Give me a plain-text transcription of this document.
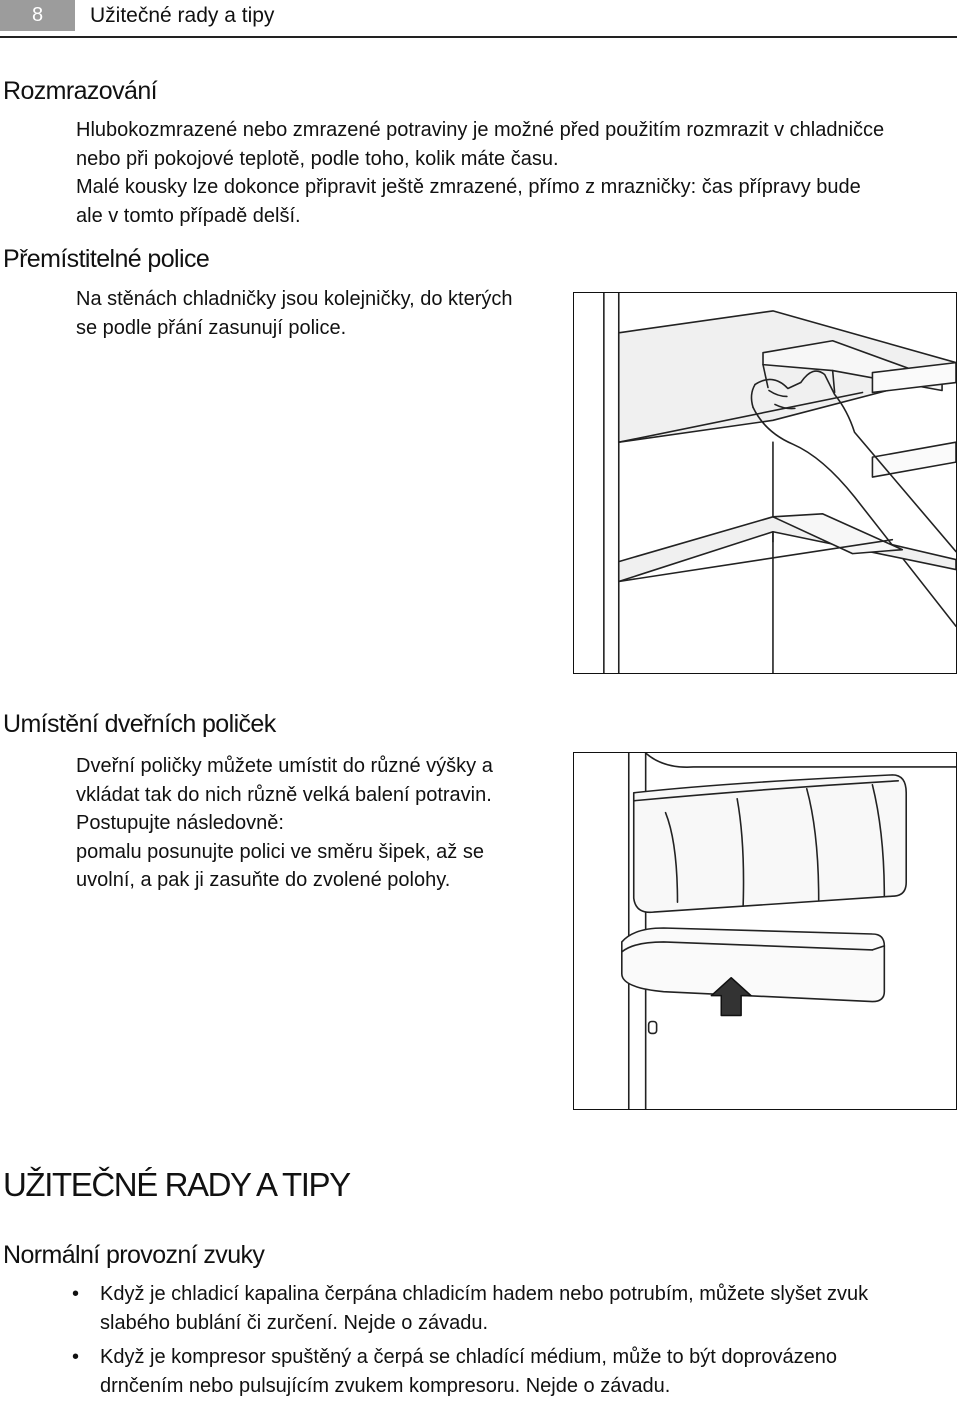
8	Užitečné rady a tipy
Rozmrazování

Hlubokozmrazené nebo zmrazené potraviny je možné před použitím rozmrazit v chladničce
nebo při pokojové teplotě, podle toho, kolik máte času.
Malé kousky lze dokonce připravit ještě zmrazené, přímo z mrazničky: čas přípravy bude
ale v tomto případě delší.

Přemístitelné police

Na stěnách chladničky jsou kolejničky, do kterých
se podle přání zasunují police.

Umístění dveřních poliček

Dveřní poličky můžete umístit do různé výšky a
vkládat tak do nich různě velká balení potravin.
Postupujte následovně:
pomalu posunujte polici ve směru šipek, až se
uvolní, a pak ji zasuňte do zvolené polohy.

UŽITEČNÉ RADY A TIPY
Normální provozní zvuky
• Když je chladicí kapalina čerpána chladicím hadem nebo potrubím, můžete slyšet zvuk
slabého bublání či zurčení. Nejde o závadu.
• Když je kompresor spuštěný a čerpá se chladící médium, může to být doprovázeno
drnčením nebo pulsujícím zvukem kompresoru. Nejde o závadu.
